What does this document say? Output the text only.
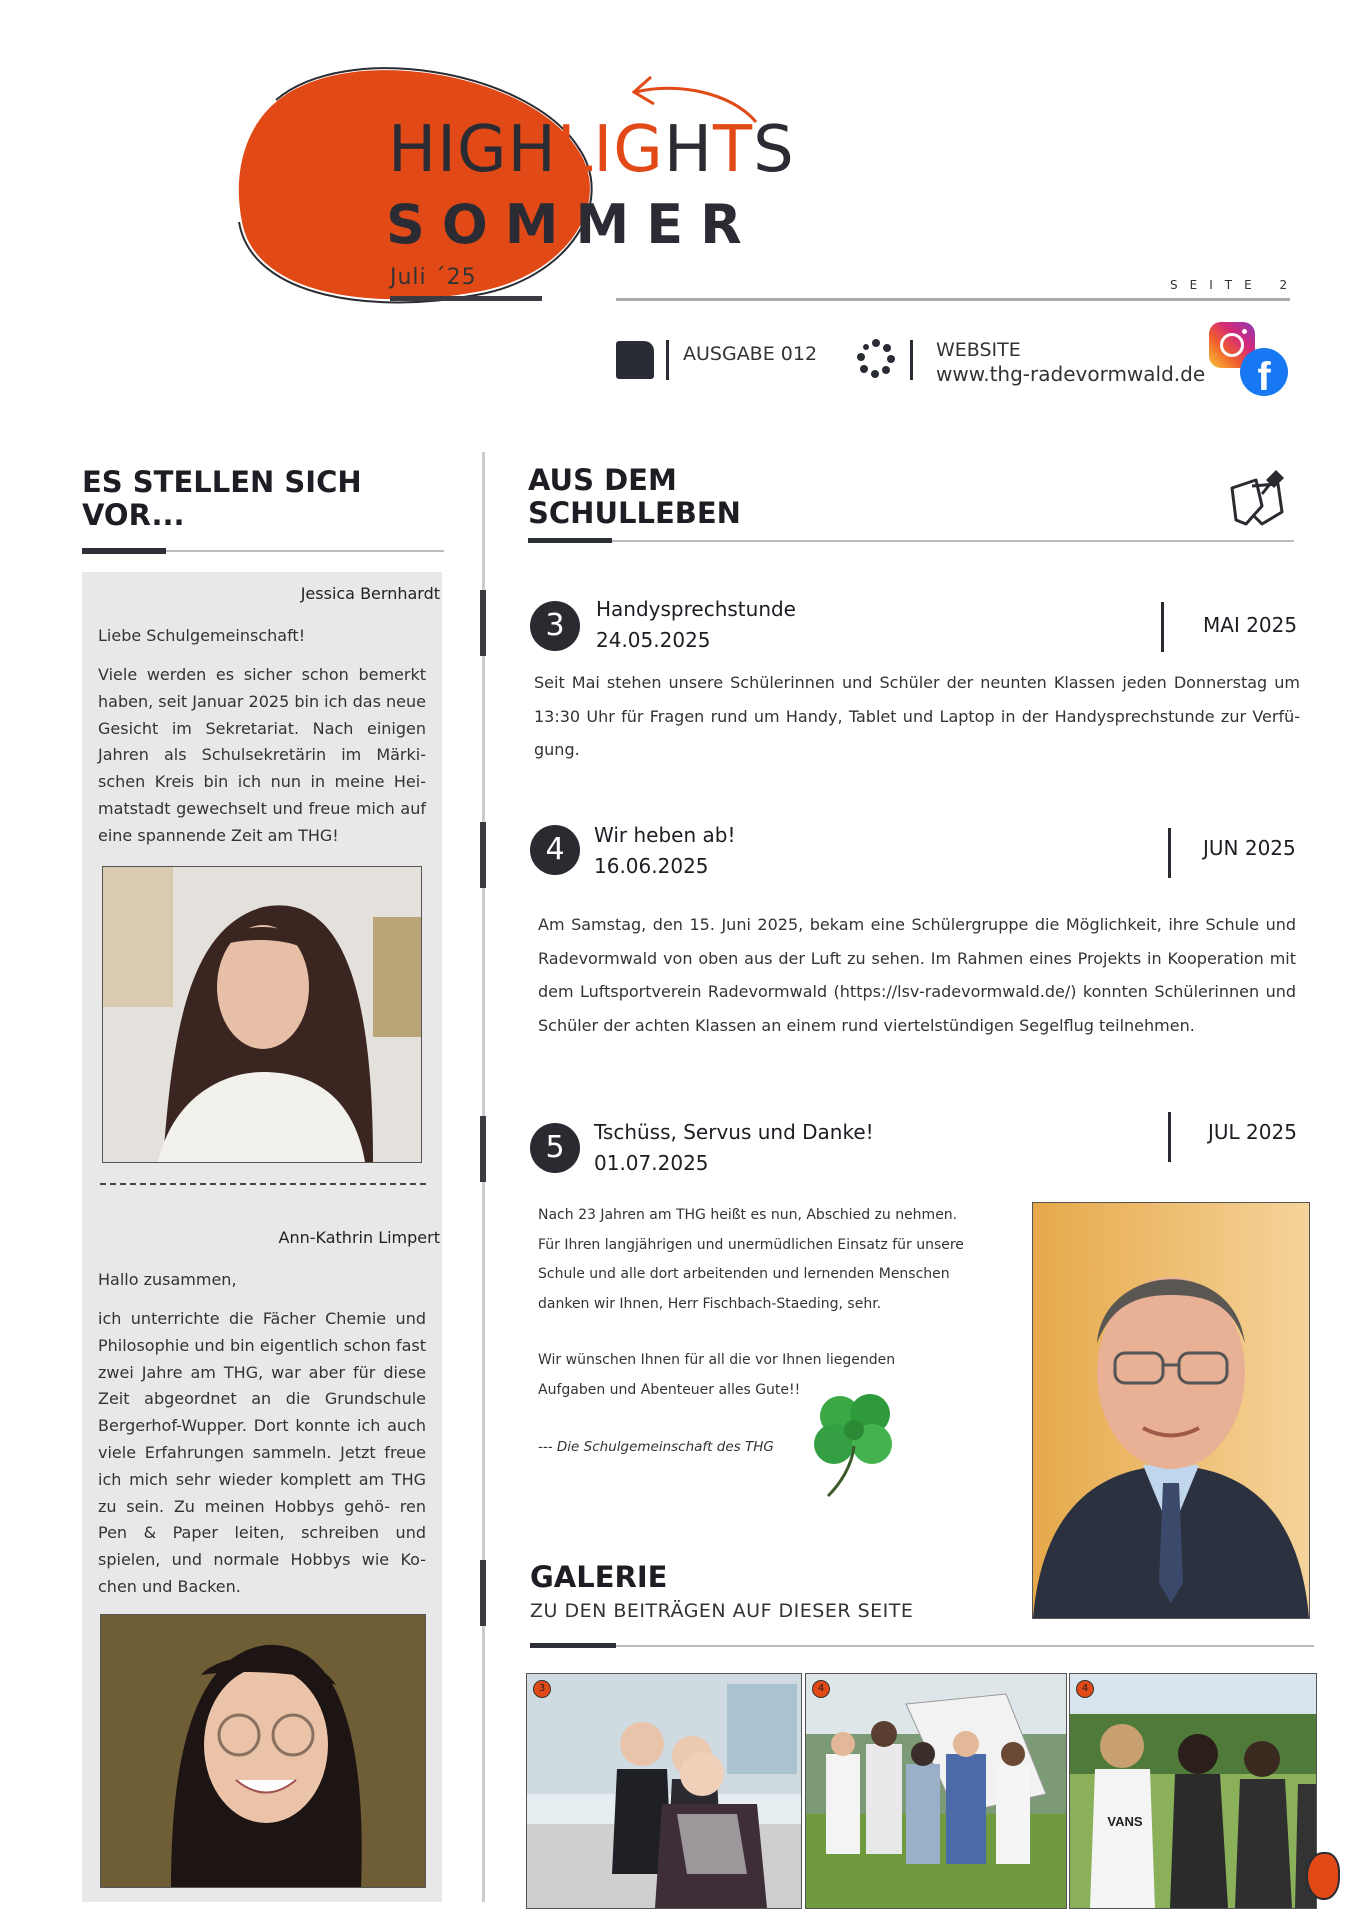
HIGHLIGHTS
SOMMER
Juli ´25	SEITE 2
AUSGABE 012	WEBSITE
www.thg-radevormwald.de	f
ES STELLEN SICH
VOR...
Jessica Bernhardt
Liebe Schulgemeinschaft!
Viele werden es sicher schon bemerkt haben, seit Januar 2025 bin ich das neue Gesicht im Sekretariat. Nach einigen Jahren als Schulsekretärin im Märki- schen Kreis bin ich nun in meine Hei- matstadt gewechselt und freue mich auf eine spannende Zeit am THG!
Ann-Kathrin Limpert
Hallo zusammen,
ich unterrichte die Fächer Chemie und Philosophie und bin eigentlich schon fast zwei Jahre am THG, war aber für diese Zeit abgeordnet an die Grundschule Bergerhof-Wupper. Dort konnte ich auch viele Erfahrungen sammeln. Jetzt freue ich mich sehr wieder komplett am THG zu sein. Zu meinen Hobbys gehö- ren Pen & Paper leiten, schreiben und spielen, und normale Hobbys wie Ko- chen und Backen.
AUS DEM
SCHULLEBEN
3	Handysprechstunde
24.05.2025
MAI 2025
Seit Mai stehen unsere Schülerinnen und Schüler der neunten Klassen jeden Donnerstag um 13:30 Uhr für Fragen rund um Handy, Tablet und Laptop in der Handysprechstunde zur Verfü- gung.
4	Wir heben ab!
16.06.2025
JUN 2025
Am Samstag, den 15. Juni 2025, bekam eine Schülergruppe die Möglichkeit, ihre Schule und Radevormwald von oben aus der Luft zu sehen. Im Rahmen eines Projekts in Kooperation mit dem Luftsportverein Radevormwald (https://lsv-radevormwald.de/) konnten Schülerinnen und Schüler der achten Klassen an einem rund viertelstündigen Segelflug teilnehmen.
5	Tschüss, Servus und Danke!
01.07.2025
JUL 2025
Nach 23 Jahren am THG heißt es nun, Abschied zu nehmen.
Für Ihren langjährigen und unermüdlichen Einsatz für unsere
Schule und alle dort arbeitenden und lernenden Menschen
danken wir Ihnen, Herr Fischbach-Staeding, sehr.
Wir wünschen Ihnen für all die vor Ihnen liegenden
Aufgaben und Abenteuer alles Gute!!
--- Die Schulgemeinschaft des THG
GALERIE
ZU DEN BEITRÄGEN AUF DIESER SEITE
3	4
VANS
4
